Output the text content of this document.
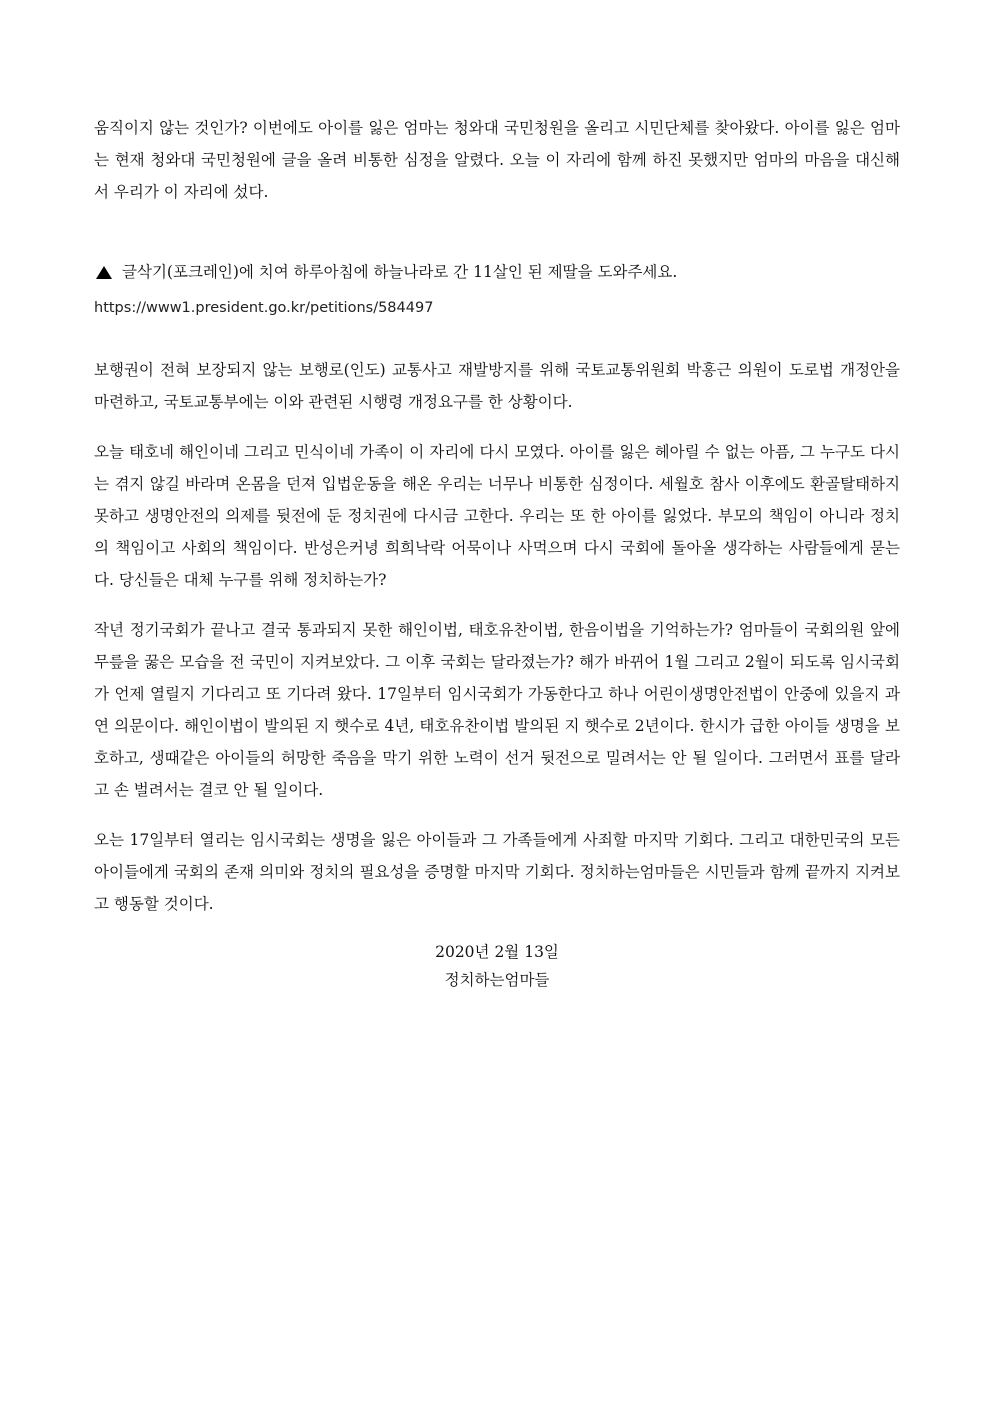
움직이지 않는 것인가? 이번에도 아이를 잃은 엄마는 청와대 국민청원을 올리고 시민단체를 찾아왔다. 아이를 잃은 엄마는 현재 청와대 국민청원에 글을 올려 비통한 심정을 알렸다. 오늘 이 자리에 함께 하진 못했지만 엄마의 마음을 대신해서 우리가 이 자리에 섰다.

글삭기(포크레인)에 치여 하루아침에 하늘나라로 간 11살인 된 제딸을 도와주세요.

https://www1.president.go.kr/petitions/584497

보행권이 전혀 보장되지 않는 보행로(인도) 교통사고 재발방지를 위해 국토교통위원회 박홍근 의원이 도로법 개정안을 마련하고, 국토교통부에는 이와 관련된 시행령 개정요구를 한 상황이다.

오늘 태호네 해인이네 그리고 민식이네 가족이 이 자리에 다시 모였다. 아이를 잃은 헤아릴 수 없는 아픔, 그 누구도 다시는 겪지 않길 바라며 온몸을 던져 입법운동을 해온 우리는 너무나 비통한 심정이다. 세월호 참사 이후에도 환골탈태하지 못하고 생명안전의 의제를 뒷전에 둔 정치권에 다시금 고한다. 우리는 또 한 아이를 잃었다. 부모의 책임이 아니라 정치의 책임이고 사회의 책임이다. 반성은커녕 희희낙락 어묵이나 사먹으며 다시 국회에 돌아올 생각하는 사람들에게 묻는다. 당신들은 대체 누구를 위해 정치하는가?

작년 정기국회가 끝나고 결국 통과되지 못한 해인이법, 태호유찬이법, 한음이법을 기억하는가? 엄마들이 국회의원 앞에 무릎을 꿇은 모습을 전 국민이 지켜보았다. 그 이후 국회는 달라졌는가? 해가 바뀌어 1월 그리고 2월이 되도록 임시국회가 언제 열릴지 기다리고 또 기다려 왔다. 17일부터 임시국회가 가동한다고 하나 어린이생명안전법이 안중에 있을지 과연 의문이다. 해인이법이 발의된 지 햇수로 4년, 태호유찬이법 발의된 지 햇수로 2년이다. 한시가 급한 아이들 생명을 보호하고, 생때같은 아이들의 허망한 죽음을 막기 위한 노력이 선거 뒷전으로 밀려서는 안 될 일이다. 그러면서 표를 달라고 손 벌려서는 결코 안 될 일이다.

오는 17일부터 열리는 임시국회는 생명을 잃은 아이들과 그 가족들에게 사죄할 마지막 기회다. 그리고 대한민국의 모든 아이들에게 국회의 존재 의미와 정치의 필요성을 증명할 마지막 기회다. 정치하는엄마들은 시민들과 함께 끝까지 지켜보고 행동할 것이다.

2020년 2월 13일

정치하는엄마들
